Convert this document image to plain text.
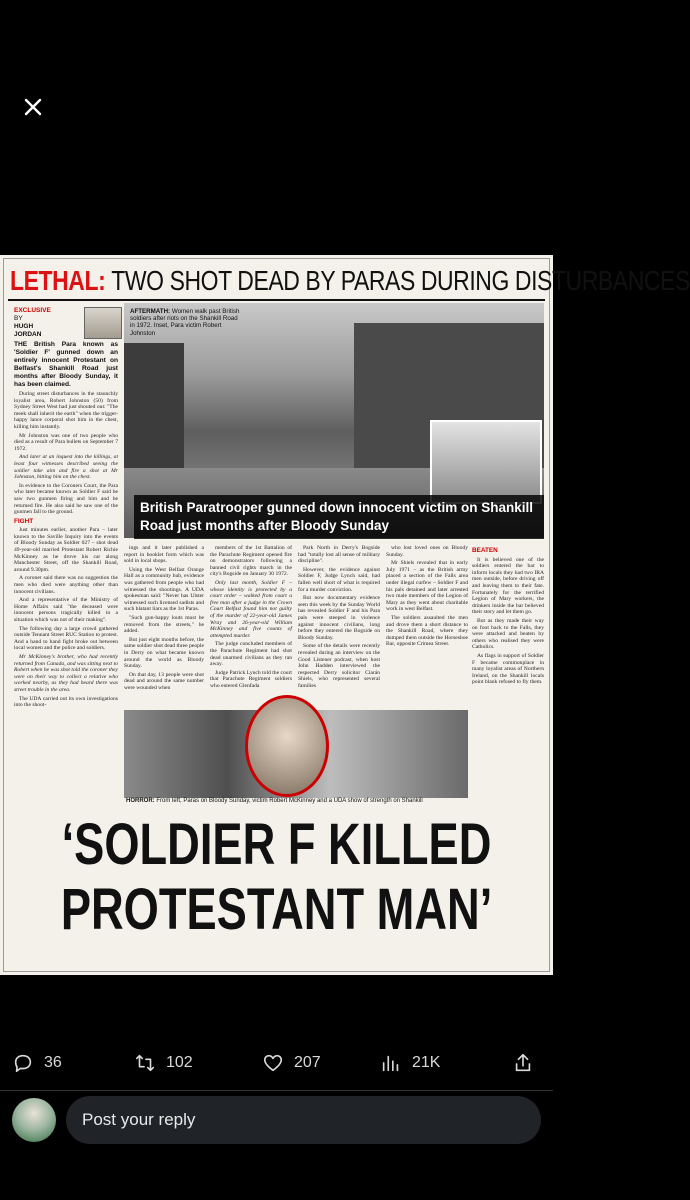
LETHAL: TWO SHOT DEAD BY PARAS DURING DISTURBANCES
EXCLUSIVE
BY
HUGH
JORDAN

THE British Para known as 'Soldier F' gunned down an entirely innocent Protestant on Belfast's Shankill Road just months after Bloody Sunday, it has been claimed.

During street disturbances in the staunchly loyalist area, Robert Johnston (50) from Sydney Street West had just shouted out: "The meek shall inherit the earth" when the trigger-happy lance corporal shot him in the chest, killing him instantly.

Mr Johnston was one of two people who died as a result of Para bullets on September 7 1972.

And later at an inquest into the killings, at least four witnesses described seeing the soldier take aim and fire a shot at Mr Johnston, hitting him on the chest.

In evidence to the Coroners Court, the Para who later became known as Soldier F said he saw two gunmen firing and him and he returned fire. He also said he saw one of the gunmen fall to the ground.

FIGHT

Just minutes earlier, another Para – later known to the Saville Inquiry into the events of Bloody Sunday as Soldier 027 – shot dead 49-year-old married Protestant Robert Richie McKinney as he drove his car along Manchester Street, off the Shankill Road, around 9.30pm.

A coroner said there was no suggestion the men who died were anything other than innocent civilians.

And a representative of the Ministry of Home Affairs said "the deceased were innocent persons tragically killed in a situation which was not of their making".

The following day a large crowd gathered outside Tennant Street RUC Station to protest. And a hand to hand fight broke out between local women and the police and soldiers.

Mr McKinney's brother, who had recently returned from Canada, and was sitting next to Robert when he was shot told the coroner they were on their way to collect a relative who worked nearby, as they had heard there was street trouble in the area.

The UDA carried out its own investigations into the shoot-

AFTERMATH: Women walk past British soldiers after riots on the Shankill Road in 1972. Inset, Para victim Robert Johnston
British Paratrooper gunned down innocent victim on Shankill Road just months after Bloody Sunday

ings and it later published a report in booklet form which was sold in local shops.

Using the West Belfast Orange Hall as a community hub, evidence was gathered from people who had witnessed the shootings. A UDA spokesman said: "Never has Ulster witnessed such licensed sadists and such blatant liars as the 1st Paras.

"Such gun-happy louts must be removed from the streets," he added.

But just eight months before, the same soldier shot dead three people in Derry on what became known around the world as Bloody Sunday.

On that day, 13 people were shot dead and around the same number were wounded when

members of the 1st Battalion of the Parachute Regiment opened fire on demonstrators following a banned civil rights march in the city's Bogside on January 30 1972.

Only last month, Soldier F – whose identity is protected by a court order – walked from court a free man after a judge in the Crown Court Belfast found him not guilty of the murder of 22-year-old James Wray and 26-year-old William McKinney and five counts of attempted murder.

The judge concluded members of the Parachute Regiment had shot dead unarmed civilians as they ran away.

Judge Patrick Lynch told the court that Parachute Regiment soldiers who entered Glenfada

Park North in Derry's Bogside had "totally lost all sense of military discipline".

However, the evidence against Soldier F, Judge Lynch said, had fallen well short of what is required for a murder conviction.

But now documentary evidence seen this week by the Sunday World has revealed Soldier F and his Para pals were steeped in violence against innocent civilians, long before they entered the Bogside on Bloody Sunday.

Some of the details were recently revealed during an interview on the Good Listener podcast, when host John Hadden interviewed the respected Derry solicitor Ciarán Shiels, who represented several families

who lost loved ones on Bloody Sunday.

Mr Shiels revealed that in early July 1971 – as the British army placed a section of the Falls area under illegal curfew – Soldier F and his pals detained and later arrested two male members of the Legion of Mary as they went about charitable work in west Belfast.

The soldiers assaulted the men and drove them a short distance to the Shankill Road, where they dumped them outside the Horseshoe Bar, opposite Crimea Street.

BEATEN

It is believed one of the soldiers entered the bar to inform locals they had two IRA men outside, before driving off and leaving them to their fate. Fortunately for the terrified Legion of Mary workers, the drinkers inside the bar believed their story and let them go.

But as they made their way on foot back to the Falls, they were attacked and beaten by others who realised they were Catholics.

As flags in support of Soldier F became commonplace in many loyalist areas of Northern Ireland, on the Shankill locals point blank refused to fly them.

HORROR: From left, Paras on Bloody Sunday, victim Robert McKinney and a UDA show of strength on Shankill
‘SOLDIER F KILLED
PROTESTANT MAN’
36	102	207	21K
Post your reply
